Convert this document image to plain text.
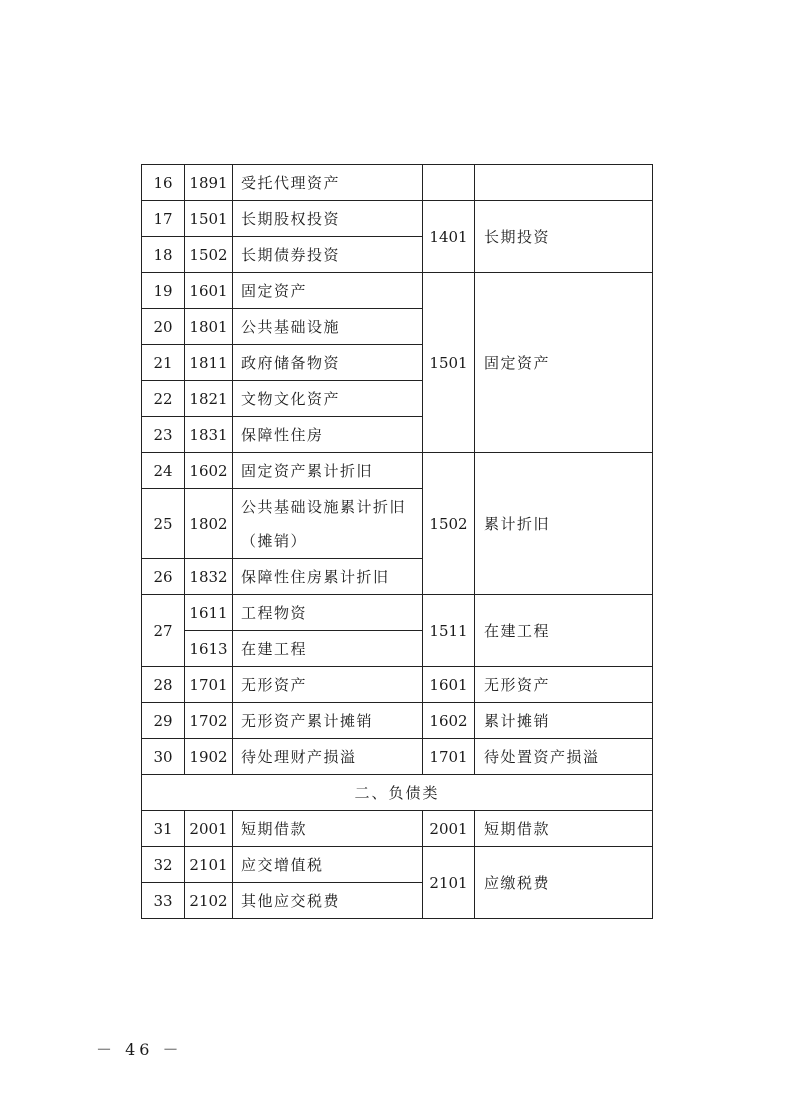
16	1891	受托代理资产		
17	1501	长期股权投资	1401	长期投资
18	1502	长期债券投资		
19	1601	固定资产	1501	固定资产
20	1801	公共基础设施		
21	1811	政府储备物资		
22	1821	文物文化资产		
23	1831	保障性住房		
24	1602	固定资产累计折旧	1502	累计折旧
25	1802	公共基础设施累计折旧（摊销）		
26	1832	保障性住房累计折旧		
27	1611	工程物资	1511	在建工程
	1613	在建工程		
28	1701	无形资产	1601	无形资产
29	1702	无形资产累计摊销	1602	累计摊销
30	1902	待处理财产损溢	1701	待处置资产损溢
二、负债类				
31	2001	短期借款	2001	短期借款
32	2101	应交增值税	2101	应缴税费
33	2102	其他应交税费		
－ 46 －
